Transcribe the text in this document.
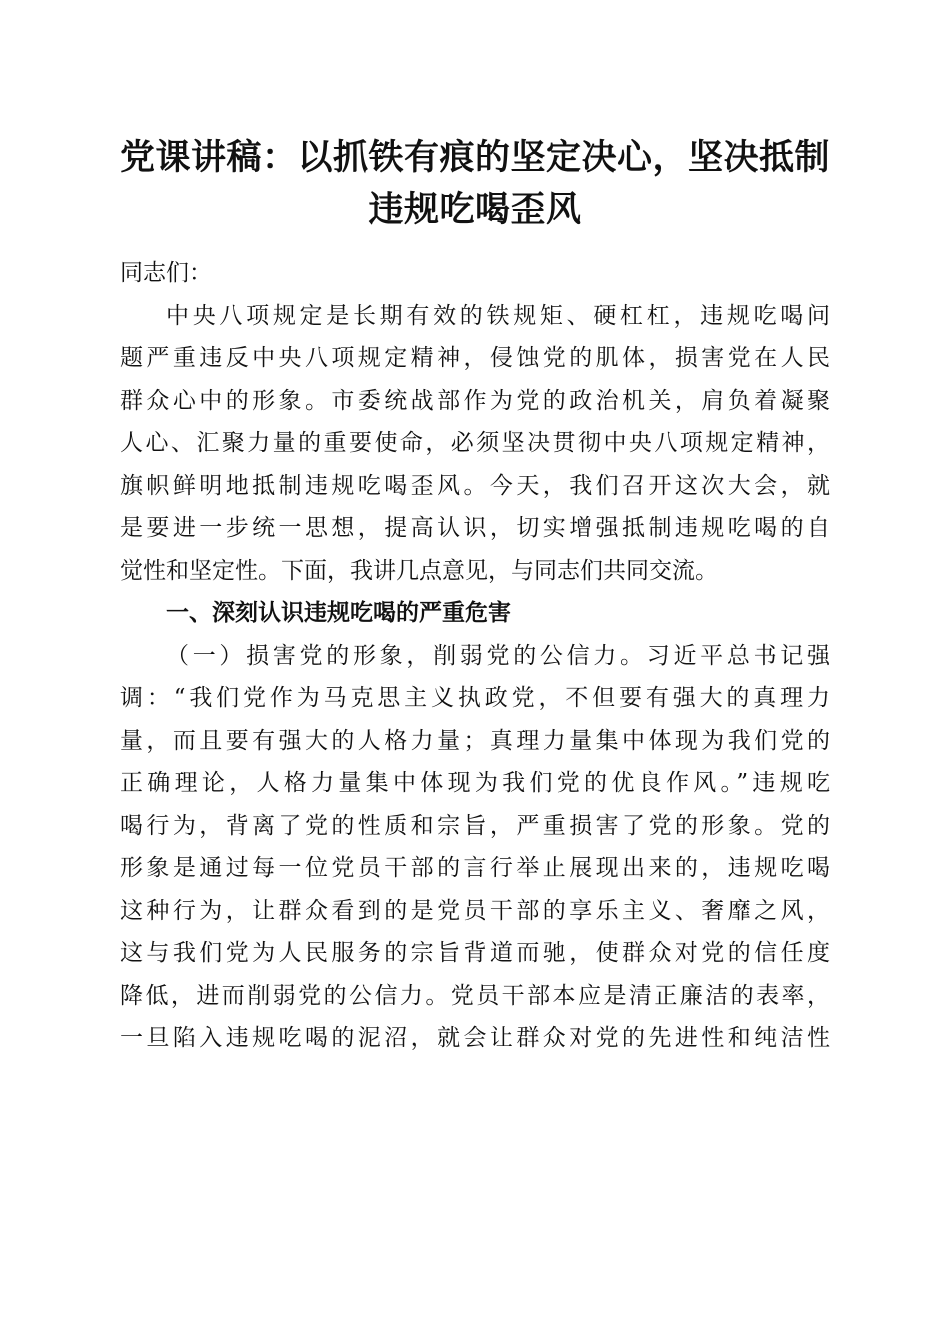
党课讲稿：以抓铁有痕的坚定决心，坚决抵制
违规吃喝歪风
同志们：
中央八项规定是长期有效的铁规矩、硬杠杠，违规吃喝问
题严重违反中央八项规定精神，侵蚀党的肌体，损害党在人民
群众心中的形象。市委统战部作为党的政治机关，肩负着凝聚
人心、汇聚力量的重要使命，必须坚决贯彻中央八项规定精神，
旗帜鲜明地抵制违规吃喝歪风。今天，我们召开这次大会，就
是要进一步统一思想，提高认识，切实增强抵制违规吃喝的自
觉性和坚定性。下面，我讲几点意见，与同志们共同交流。
一、深刻认识违规吃喝的严重危害
（一）损害党的形象，削弱党的公信力。习近平总书记强
调：“我们党作为马克思主义执政党，不但要有强大的真理力
量，而且要有强大的人格力量；真理力量集中体现为我们党的
正确理论，人格力量集中体现为我们党的优良作风。”违规吃
喝行为，背离了党的性质和宗旨，严重损害了党的形象。党的
形象是通过每一位党员干部的言行举止展现出来的，违规吃喝
这种行为，让群众看到的是党员干部的享乐主义、奢靡之风，
这与我们党为人民服务的宗旨背道而驰，使群众对党的信任度
降低，进而削弱党的公信力。党员干部本应是清正廉洁的表率，
一旦陷入违规吃喝的泥沼，就会让群众对党的先进性和纯洁性
